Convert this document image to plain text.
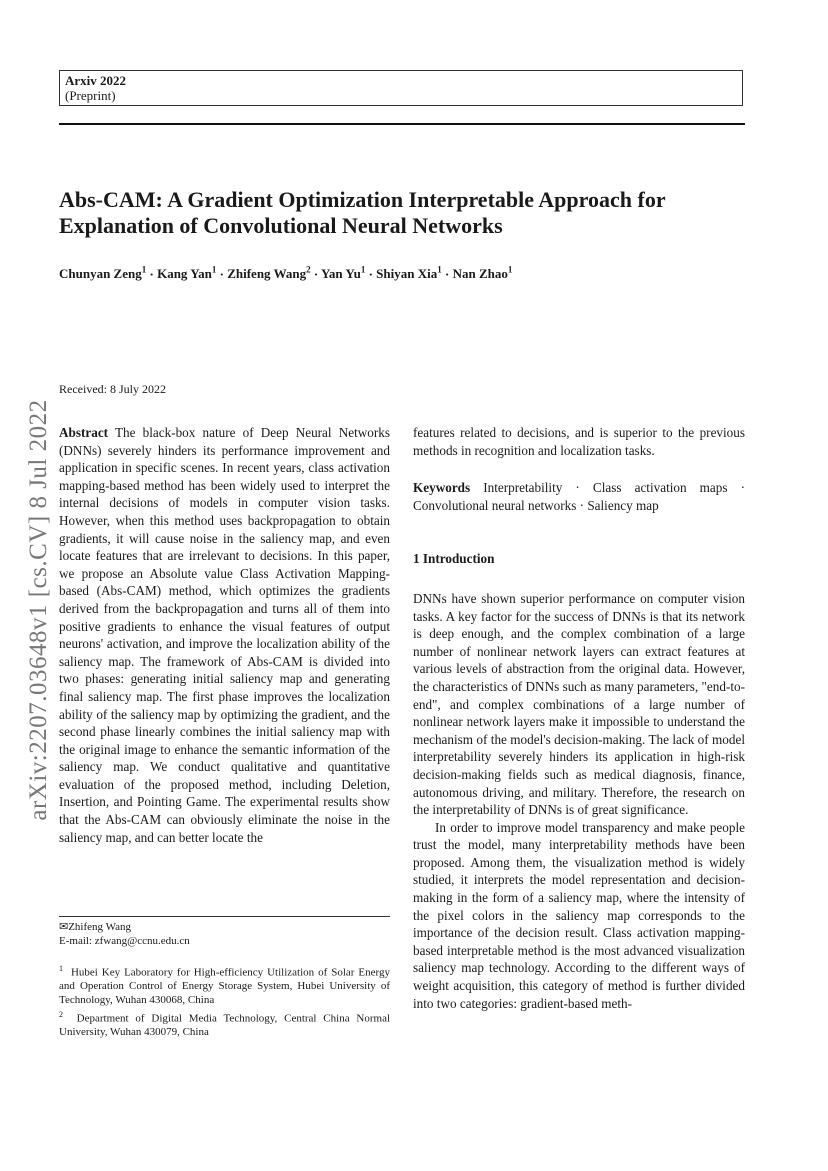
Arxiv 2022
(Preprint)
Abs-CAM: A Gradient Optimization Interpretable Approach for Explanation of Convolutional Neural Networks
Chunyan Zeng$^1$ · Kang Yan$^1$ · Zhifeng Wang$^2$ · Yan $Yu^1$ · Shiyan Xia$^1$ · Nan Zhao$^1$
Received: 8 July 2022
arXiv:2207.03648v1 [cs.CV] 8 Jul 2022 Abstract The black-box nature of Deep Neural Networks (DNNs) severely hinders its performance improvement and application in specific scenes. In recent years, class activation mapping-based method has been widely used to interpret the internal decisions of models in computer vision tasks. However, when this method uses backpropagation to obtain gradients, it will cause noise in the saliency map, and even locate features that are irrelevant to decisions. In this paper, we propose an Absolute value Class Activation Mapping-based (Abs-CAM) method, which optimizes the gradients derived from the backpropagation and turns all of them into positive gradients to enhance the visual features of output neurons' activation, and improve the localization ability of the saliency map. The framework of Abs-CAM is divided into two phases: generating initial saliency map and generating final saliency map. The first phase improves the localization ability of the saliency map by optimizing the gradient, and the second phase linearly combines the initial saliency map with the original image to enhance the semantic information of the saliency map. We conduct qualitative and quantitative evaluation of the proposed method, including Deletion, Insertion, and Pointing Game. The experimental results show that the Abs-CAM can obviously eliminate the noise in the saliency map, and can better locate the

features related to decisions, and is superior to the previous methods in recognition and localization tasks.

Keywords Interpretability · Class activation maps · Convolutional neural networks · Saliency map

1 Introduction

DNNs have shown superior performance on computer vision tasks. A key factor for the success of DNNs is that its network is deep enough, and the complex combination of a large number of nonlinear network layers can extract features at various levels of abstraction from the original data. However, the characteristics of DNNs such as many parameters, "end-to-end", and complex combinations of a large number of nonlinear network layers make it impossible to understand the mechanism of the model's decision-making. The lack of model interpretability severely hinders its application in high-risk decision-making fields such as medical diagnosis, finance, autonomous driving, and military. Therefore, the research on the interpretability of DNNs is of great significance.

In order to improve model transparency and make people trust the model, many interpretability methods have been proposed. Among them, the visualization method is widely studied, it interprets the model representation and decision-making in the form of a saliency map, where the intensity of the pixel colors in the saliency map corresponds to the importance of the decision result. Class activation mapping-based interpretable method is the most advanced visualization saliency map technology. According to the different ways of weight acquisition, this category of method is further divided into two categories: gradient-based meth-

✉Zhifeng Wang

E-mail: zfwang@ccnu.edu.cn

$^1$ Hubei Key Laboratory for High-efficiency Utilization of Solar Energy and Operation Control of Energy Storage System, Hubei University of Technology, Wuhan 430068, China

$^2$ Department of Digital Media Technology, Central China Normal University, Wuhan 430079, China
